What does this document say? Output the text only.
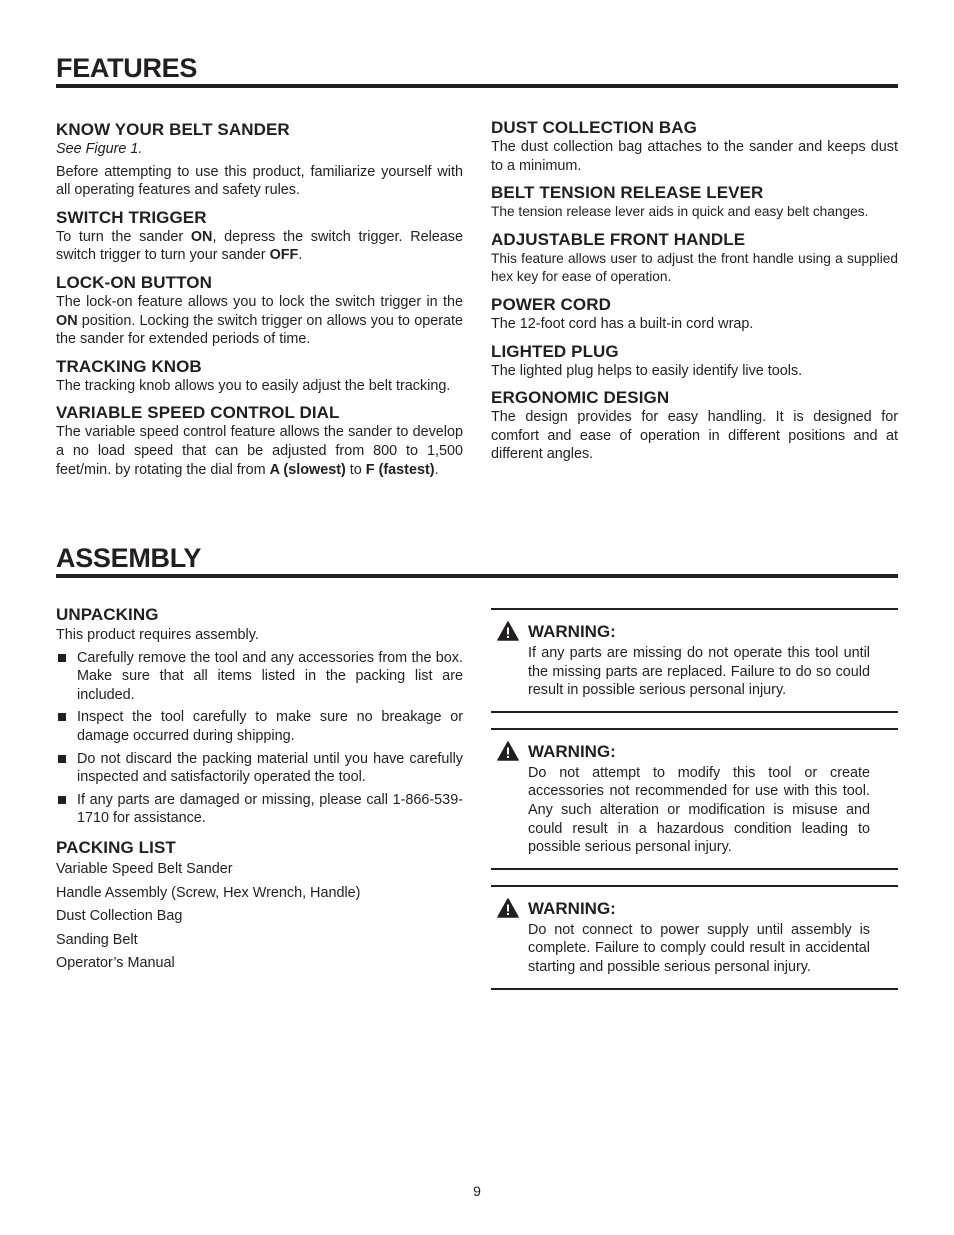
FEATURES
KNOW YOUR BELT SANDER

See Figure 1.

Before attempting to use this product, familiarize yourself with all operating features and safety rules.

SWITCH TRIGGER

To turn the sander ON, depress the switch trigger. Release switch trigger to turn your sander OFF.

LOCK-ON BUTTON

The lock-on feature allows you to lock the switch trigger in the ON position. Locking the switch trigger on allows you to operate the sander for extended periods of time.

TRACKING KNOB

The tracking knob allows you to easily adjust the belt tracking.

VARIABLE SPEED CONTROL DIAL

The variable speed control feature allows the sander to develop a no load speed that can be adjusted from 800 to 1,500 feet/min. by rotating the dial from A (slowest) to F (fastest).

DUST COLLECTION BAG

The dust collection bag attaches to the sander and keeps dust to a minimum.

BELT TENSION RELEASE LEVER

The tension release lever aids in quick and easy belt changes.

ADJUSTABLE FRONT HANDLE

This feature allows user to adjust the front handle using a supplied hex key for ease of operation.

POWER CORD

The 12-foot cord has a built-in cord wrap.

LIGHTED PLUG

The lighted plug helps to easily identify live tools.

ERGONOMIC DESIGN

The design provides for easy handling. It is designed for comfort and ease of operation in different positions and at different angles.

ASSEMBLY
UNPACKING

This product requires assembly.

Carefully remove the tool and any accessories from the box. Make sure that all items listed in the packing list are included.
Inspect the tool carefully to make sure no breakage or damage occurred during shipping.
Do not discard the packing material until you have carefully inspected and satisfactorily operated the tool.
If any parts are damaged or missing, please call 1-866-539-1710 for assistance.
PACKING LIST
Variable Speed Belt Sander
Handle Assembly (Screw, Hex Wrench, Handle)
Dust Collection Bag
Sanding Belt
Operator’s Manual
WARNING:

If any parts are missing do not operate this tool until the missing parts are replaced. Failure to do so could result in possible serious personal injury.

WARNING:

Do not attempt to modify this tool or create accessories not recommended for use with this tool. Any such alteration or modification is misuse and could result in a hazardous condition leading to possible serious personal injury.

WARNING:

Do not connect to power supply until assembly is complete. Failure to comply could result in accidental starting and possible serious personal injury.

9
